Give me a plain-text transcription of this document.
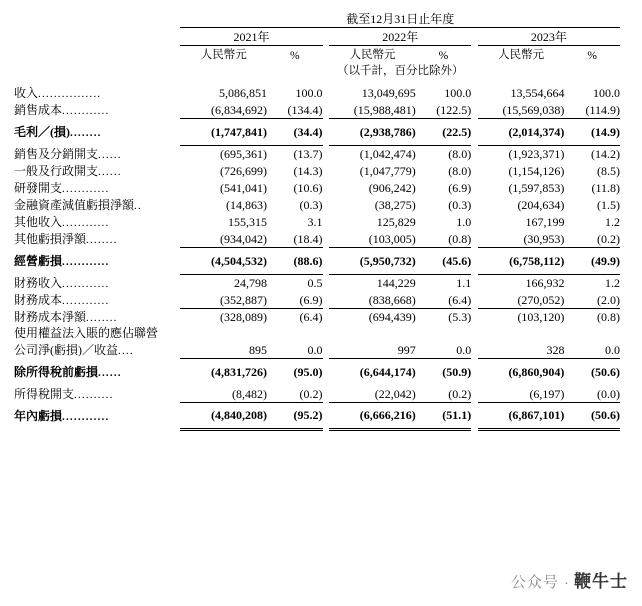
	截至12月31日止年度							
	2021年			2022年			2023年	
	人民幣元	%		人民幣元	%		人民幣元	%
	（以千計，百分比除外）							

收入................	5,086,851	100.0		13,049,695	100.0		13,554,664	100.0
銷售成本............	(6,834,692)	(134.4)		(15,988,481)	(122.5)		(15,569,038)	(114.9)
毛利／(損)........	(1,747,841)	(34.4)		(2,938,786)	(22.5)		(2,014,374)	(14.9)
銷售及分銷開支......	(695,361)	(13.7)		(1,042,474)	(8.0)		(1,923,371)	(14.2)
一般及行政開支......	(726,699)	(14.3)		(1,047,779)	(8.0)		(1,154,126)	(8.5)
研發開支............	(541,041)	(10.6)		(906,242)	(6.9)		(1,597,853)	(11.8)
金融資產減值虧損淨額..	(14,863)	(0.3)		(38,275)	(0.3)		(204,634)	(1.5)
其他收入............	155,315	3.1		125,829	1.0		167,199	1.2
其他虧損淨額........	(934,042)	(18.4)		(103,005)	(0.8)		(30,953)	(0.2)
經營虧損............	(4,504,532)	(88.6)		(5,950,732)	(45.6)		(6,758,112)	(49.9)
財務收入............	24,798	0.5		144,229	1.1		166,932	1.2
財務成本............	(352,887)	(6.9)		(838,668)	(6.4)		(270,052)	(2.0)
財務成本淨額........	(328,089)	(6.4)		(694,439)	(5.3)		(103,120)	(0.8)
使用權益法入賬的應佔聯營								
公司淨(虧損)／收益....	895	0.0		997	0.0		328	0.0
除所得稅前虧損......	(4,831,726)	(95.0)		(6,644,174)	(50.9)		(6,860,904)	(50.6)
所得稅開支..........	(8,482)	(0.2)		(22,042)	(0.2)		(6,197)	(0.0)
年內虧損............	(4,840,208)	(95.2)		(6,666,216)	(51.1)		(6,867,101)	(50.6)
公众号 · 鞭牛士
